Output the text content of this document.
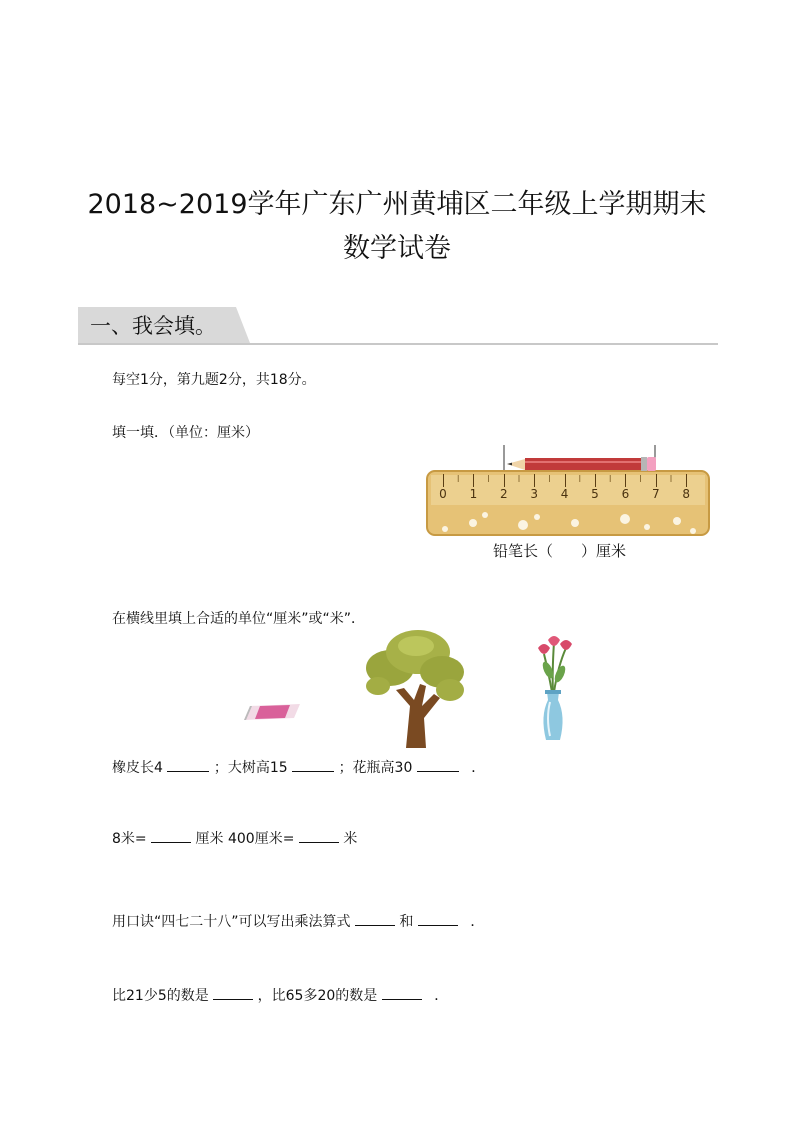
2018~2019学年广东广州黄埔区二年级上学期期末
数学试卷
一、我会填。
每空1分，第九题2分，共18分。
填一填．（单位：厘米）
0	1	2	3	4	5	6	7	8
铅笔长（ ）厘米
在横线里填上合适的单位“厘米”或“米”．
橡皮长4	；大树高15	；花瓶高30	．
8米=	厘米 400厘米=	米
用口诀“四七二十八”可以写出乘法算式	和	．
比21少5的数是	，比65多20的数是	．
